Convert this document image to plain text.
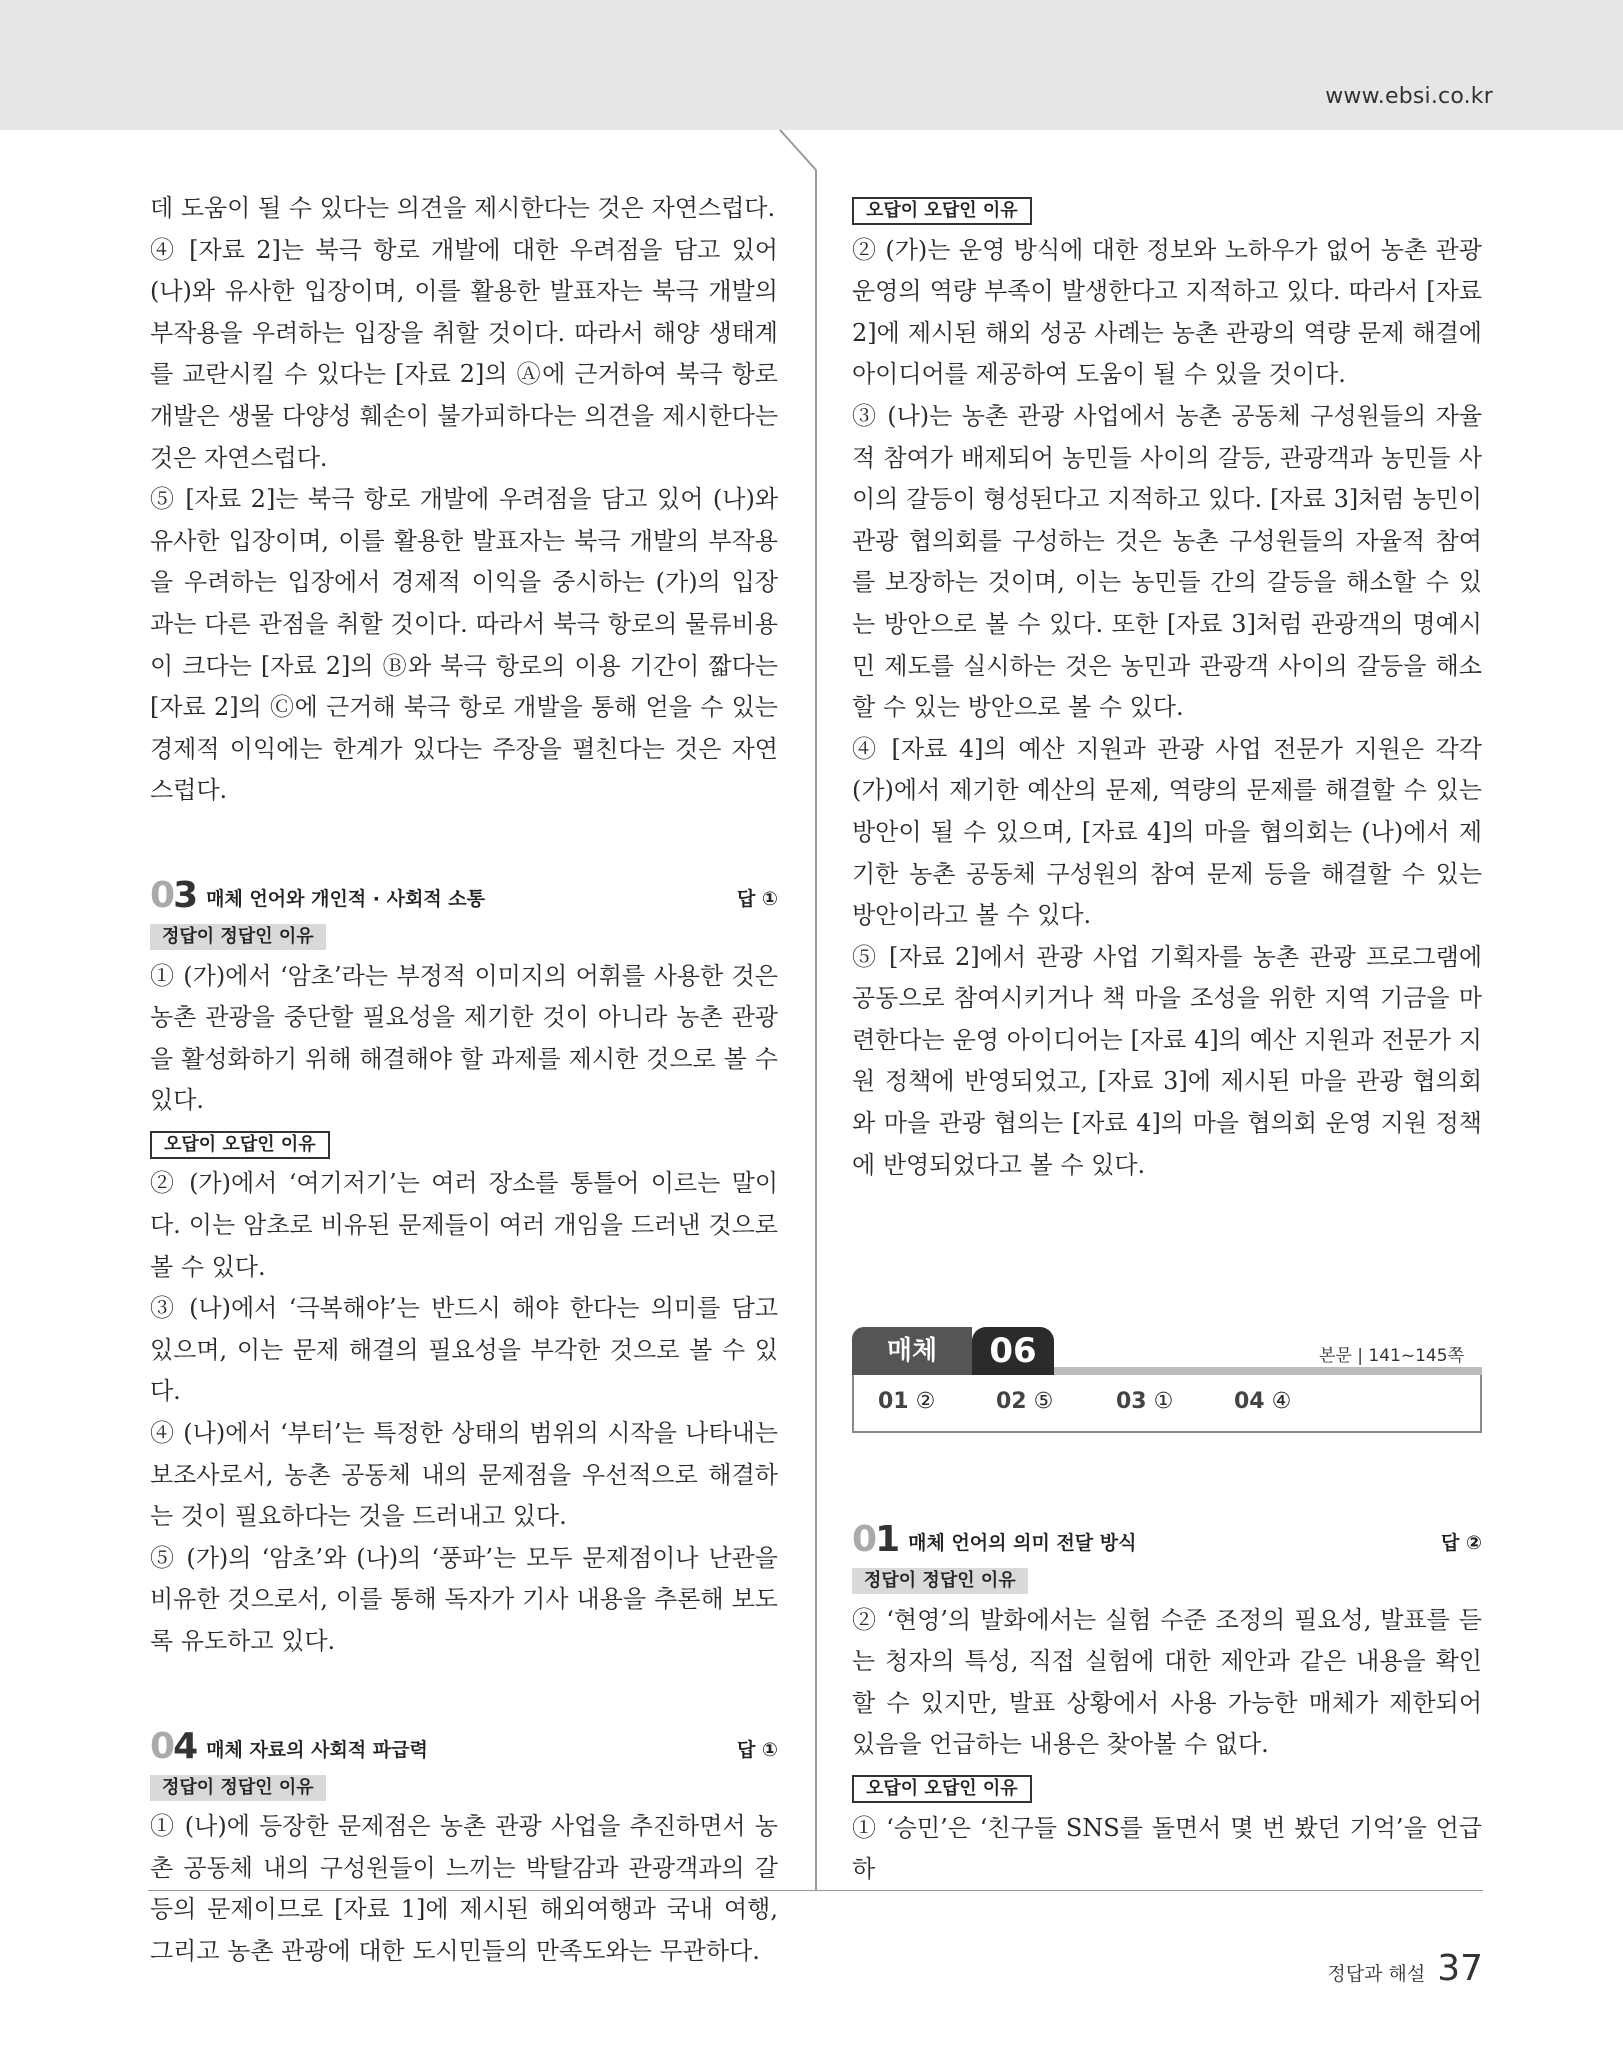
www.ebsi.co.kr

데 도움이 될 수 있다는 의견을 제시한다는 것은 자연스럽다.

④ [자료 2]는 북극 항로 개발에 대한 우려점을 담고 있어 (나)와 유사한 입장이며, 이를 활용한 발표자는 북극 개발의 부작용을 우려하는 입장을 취할 것이다. 따라서 해양 생태계를 교란시킬 수 있다는 [자료 2]의 Ⓐ에 근거하여 북극 항로 개발은 생물 다양성 훼손이 불가피하다는 의견을 제시한다는 것은 자연스럽다.

⑤ [자료 2]는 북극 항로 개발에 우려점을 담고 있어 (나)와 유사한 입장이며, 이를 활용한 발표자는 북극 개발의 부작용을 우려하는 입장에서 경제적 이익을 중시하는 (가)의 입장과는 다른 관점을 취할 것이다. 따라서 북극 항로의 물류비용이 크다는 [자료 2]의 Ⓑ와 북극 항로의 이용 기간이 짧다는 [자료 2]의 Ⓒ에 근거해 북극 항로 개발을 통해 얻을 수 있는 경제적 이익에는 한계가 있다는 주장을 펼친다는 것은 자연스럽다.

03 매체 언어와 개인적 · 사회적 소통	답 ①
정답이 정답인 이유

① (가)에서 ‘암초’라는 부정적 이미지의 어휘를 사용한 것은 농촌 관광을 중단할 필요성을 제기한 것이 아니라 농촌 관광을 활성화하기 위해 해결해야 할 과제를 제시한 것으로 볼 수 있다.

오답이 오답인 이유

② (가)에서 ‘여기저기’는 여러 장소를 통틀어 이르는 말이다. 이는 암초로 비유된 문제들이 여러 개임을 드러낸 것으로 볼 수 있다.

③ (나)에서 ‘극복해야’는 반드시 해야 한다는 의미를 담고 있으며, 이는 문제 해결의 필요성을 부각한 것으로 볼 수 있다.

④ (나)에서 ‘부터’는 특정한 상태의 범위의 시작을 나타내는 보조사로서, 농촌 공동체 내의 문제점을 우선적으로 해결하는 것이 필요하다는 것을 드러내고 있다.

⑤ (가)의 ‘암초’와 (나)의 ‘풍파’는 모두 문제점이나 난관을 비유한 것으로서, 이를 통해 독자가 기사 내용을 추론해 보도록 유도하고 있다.

04 매체 자료의 사회적 파급력	답 ①
정답이 정답인 이유

① (나)에 등장한 문제점은 농촌 관광 사업을 추진하면서 농촌 공동체 내의 구성원들이 느끼는 박탈감과 관광객과의 갈등의 문제이므로 [자료 1]에 제시된 해외여행과 국내 여행, 그리고 농촌 관광에 대한 도시민들의 만족도와는 무관하다.

오답이 오답인 이유

② (가)는 운영 방식에 대한 정보와 노하우가 없어 농촌 관광 운영의 역량 부족이 발생한다고 지적하고 있다. 따라서 [자료 2]에 제시된 해외 성공 사례는 농촌 관광의 역량 문제 해결에 아이디어를 제공하여 도움이 될 수 있을 것이다.

③ (나)는 농촌 관광 사업에서 농촌 공동체 구성원들의 자율적 참여가 배제되어 농민들 사이의 갈등, 관광객과 농민들 사이의 갈등이 형성된다고 지적하고 있다. [자료 3]처럼 농민이 관광 협의회를 구성하는 것은 농촌 구성원들의 자율적 참여를 보장하는 것이며, 이는 농민들 간의 갈등을 해소할 수 있는 방안으로 볼 수 있다. 또한 [자료 3]처럼 관광객의 명예시민 제도를 실시하는 것은 농민과 관광객 사이의 갈등을 해소할 수 있는 방안으로 볼 수 있다.

④ [자료 4]의 예산 지원과 관광 사업 전문가 지원은 각각 (가)에서 제기한 예산의 문제, 역량의 문제를 해결할 수 있는 방안이 될 수 있으며, [자료 4]의 마을 협의회는 (나)에서 제기한 농촌 공동체 구성원의 참여 문제 등을 해결할 수 있는 방안이라고 볼 수 있다.

⑤ [자료 2]에서 관광 사업 기획자를 농촌 관광 프로그램에 공동으로 참여시키거나 책 마을 조성을 위한 지역 기금을 마련한다는 운영 아이디어는 [자료 4]의 예산 지원과 전문가 지원 정책에 반영되었고, [자료 3]에 제시된 마을 관광 협의회와 마을 관광 협의는 [자료 4]의 마을 협의회 운영 지원 정책에 반영되었다고 볼 수 있다.

매체	06	본문 | 141~145쪽
01 ②	02 ⑤	03 ①	04 ④
01 매체 언어의 의미 전달 방식	답 ②
정답이 정답인 이유

② ‘현영’의 발화에서는 실험 수준 조정의 필요성, 발표를 듣는 청자의 특성, 직접 실험에 대한 제안과 같은 내용을 확인할 수 있지만, 발표 상황에서 사용 가능한 매체가 제한되어 있음을 언급하는 내용은 찾아볼 수 없다.

오답이 오답인 이유

① ‘승민’은 ‘친구들 SNS를 돌면서 몇 번 봤던 기억’을 언급하

정답과 해설 37
